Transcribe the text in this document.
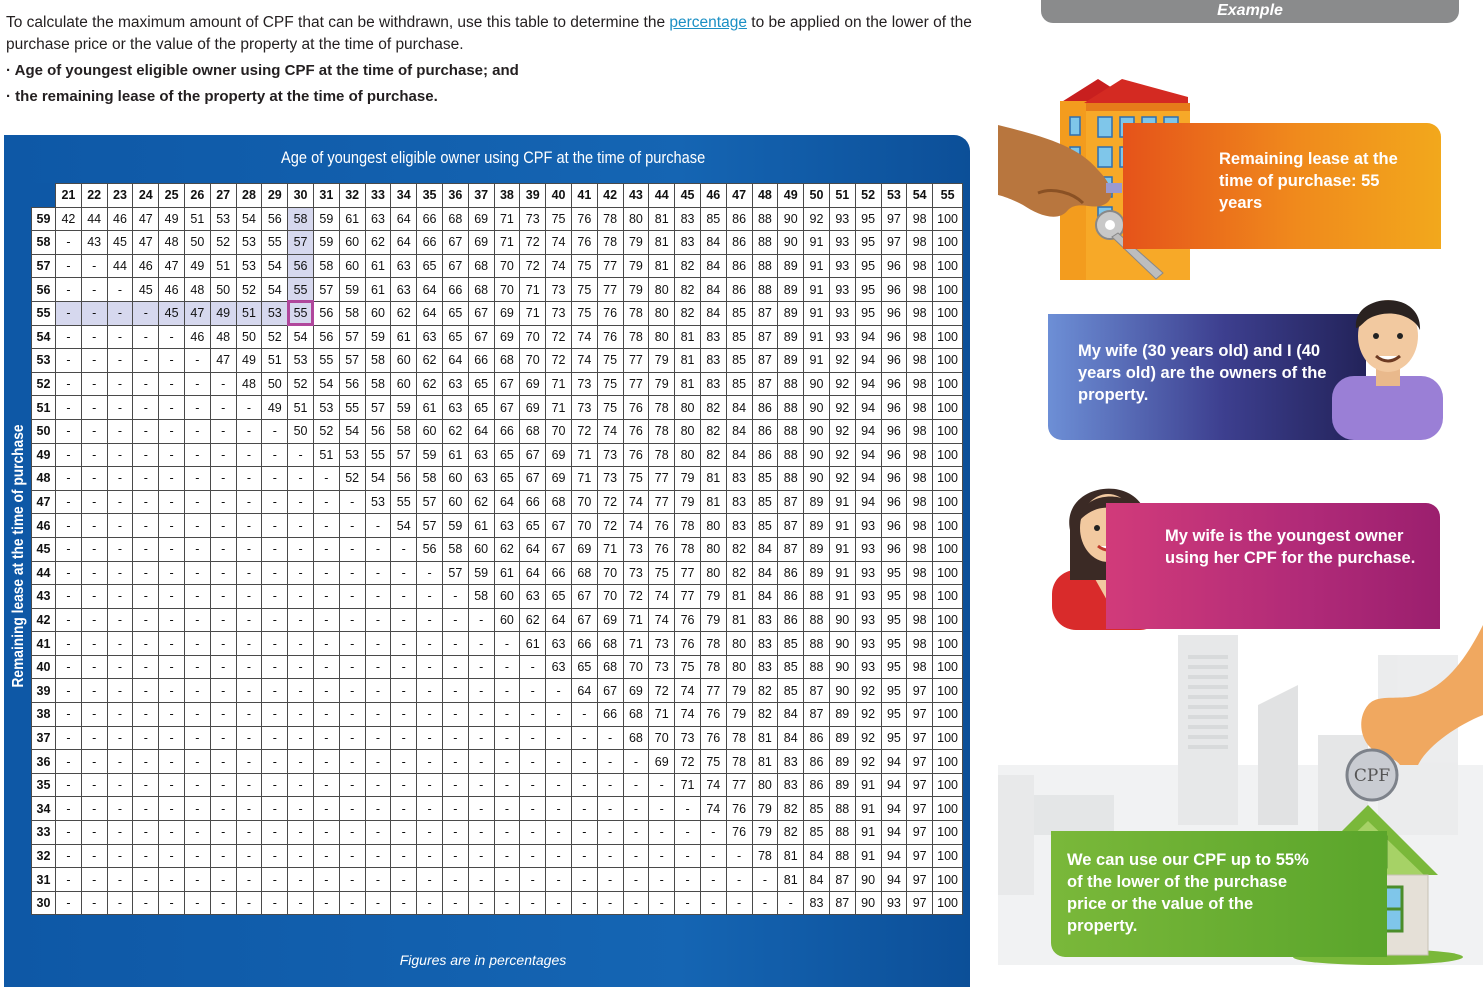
To calculate the maximum amount of CPF that can be withdrawn, use this table to determine the percentage to be applied on the lower of the purchase price or the value of the property at the time of purchase.
· Age of youngest eligible owner using CPF at the time of purchase; and
· the remaining lease of the property at the time of purchase.
Age of youngest eligible owner using CPF at the time of purchase
Remaining lease at the time of purchase
	21	22	23	24	25	26	27	28	29	30	31	32	33	34	35	36	37	38	39	40	41	42	43	44	45	46	47	48	49	50	51	52	53	54	55
59	42	44	46	47	49	51	53	54	56	58	59	61	63	64	66	68	69	71	73	75	76	78	80	81	83	85	86	88	90	92	93	95	97	98	100
58	-	43	45	47	48	50	52	53	55	57	59	60	62	64	66	67	69	71	72	74	76	78	79	81	83	84	86	88	90	91	93	95	97	98	100
57	-	-	44	46	47	49	51	53	54	56	58	60	61	63	65	67	68	70	72	74	75	77	79	81	82	84	86	88	89	91	93	95	96	98	100
56	-	-	-	45	46	48	50	52	54	55	57	59	61	63	64	66	68	70	71	73	75	77	79	80	82	84	86	88	89	91	93	95	96	98	100
55	-	-	-	-	45	47	49	51	53	55	56	58	60	62	64	65	67	69	71	73	75	76	78	80	82	84	85	87	89	91	93	95	96	98	100
54	-	-	-	-	-	46	48	50	52	54	56	57	59	61	63	65	67	69	70	72	74	76	78	80	81	83	85	87	89	91	93	94	96	98	100
53	-	-	-	-	-	-	47	49	51	53	55	57	58	60	62	64	66	68	70	72	74	75	77	79	81	83	85	87	89	91	92	94	96	98	100
52	-	-	-	-	-	-	-	48	50	52	54	56	58	60	62	63	65	67	69	71	73	75	77	79	81	83	85	87	88	90	92	94	96	98	100
51	-	-	-	-	-	-	-	-	49	51	53	55	57	59	61	63	65	67	69	71	73	75	76	78	80	82	84	86	88	90	92	94	96	98	100
50	-	-	-	-	-	-	-	-	-	50	52	54	56	58	60	62	64	66	68	70	72	74	76	78	80	82	84	86	88	90	92	94	96	98	100
49	-	-	-	-	-	-	-	-	-	-	51	53	55	57	59	61	63	65	67	69	71	73	76	78	80	82	84	86	88	90	92	94	96	98	100
48	-	-	-	-	-	-	-	-	-	-	-	52	54	56	58	60	63	65	67	69	71	73	75	77	79	81	83	85	88	90	92	94	96	98	100
47	-	-	-	-	-	-	-	-	-	-	-	-	53	55	57	60	62	64	66	68	70	72	74	77	79	81	83	85	87	89	91	94	96	98	100
46	-	-	-	-	-	-	-	-	-	-	-	-	-	54	57	59	61	63	65	67	70	72	74	76	78	80	83	85	87	89	91	93	96	98	100
45	-	-	-	-	-	-	-	-	-	-	-	-	-	-	56	58	60	62	64	67	69	71	73	76	78	80	82	84	87	89	91	93	96	98	100
44	-	-	-	-	-	-	-	-	-	-	-	-	-	-	-	57	59	61	64	66	68	70	73	75	77	80	82	84	86	89	91	93	95	98	100
43	-	-	-	-	-	-	-	-	-	-	-	-	-	-	-	-	58	60	63	65	67	70	72	74	77	79	81	84	86	88	91	93	95	98	100
42	-	-	-	-	-	-	-	-	-	-	-	-	-	-	-	-	-	60	62	64	67	69	71	74	76	79	81	83	86	88	90	93	95	98	100
41	-	-	-	-	-	-	-	-	-	-	-	-	-	-	-	-	-	-	61	63	66	68	71	73	76	78	80	83	85	88	90	93	95	98	100
40	-	-	-	-	-	-	-	-	-	-	-	-	-	-	-	-	-	-	-	63	65	68	70	73	75	78	80	83	85	88	90	93	95	98	100
39	-	-	-	-	-	-	-	-	-	-	-	-	-	-	-	-	-	-	-	-	64	67	69	72	74	77	79	82	85	87	90	92	95	97	100
38	-	-	-	-	-	-	-	-	-	-	-	-	-	-	-	-	-	-	-	-	-	66	68	71	74	76	79	82	84	87	89	92	95	97	100
37	-	-	-	-	-	-	-	-	-	-	-	-	-	-	-	-	-	-	-	-	-	-	68	70	73	76	78	81	84	86	89	92	95	97	100
36	-	-	-	-	-	-	-	-	-	-	-	-	-	-	-	-	-	-	-	-	-	-	-	69	72	75	78	81	83	86	89	92	94	97	100
35	-	-	-	-	-	-	-	-	-	-	-	-	-	-	-	-	-	-	-	-	-	-	-	-	71	74	77	80	83	86	89	91	94	97	100
34	-	-	-	-	-	-	-	-	-	-	-	-	-	-	-	-	-	-	-	-	-	-	-	-	-	74	76	79	82	85	88	91	94	97	100
33	-	-	-	-	-	-	-	-	-	-	-	-	-	-	-	-	-	-	-	-	-	-	-	-	-	-	76	79	82	85	88	91	94	97	100
32	-	-	-	-	-	-	-	-	-	-	-	-	-	-	-	-	-	-	-	-	-	-	-	-	-	-	-	78	81	84	88	91	94	97	100
31	-	-	-	-	-	-	-	-	-	-	-	-	-	-	-	-	-	-	-	-	-	-	-	-	-	-	-	-	81	84	87	90	94	97	100
30	-	-	-	-	-	-	-	-	-	-	-	-	-	-	-	-	-	-	-	-	-	-	-	-	-	-	-	-	-	83	87	90	93	97	100
Figures are in percentages
Example
Remaining lease at the time of purchase: 55 years
My wife (30 years old) and I (40 years old) are the owners of the property.
My wife is the youngest owner using her CPF for the purchase.
CPF
We can use our CPF up to 55% of the lower of the purchase price or the value of the property.
